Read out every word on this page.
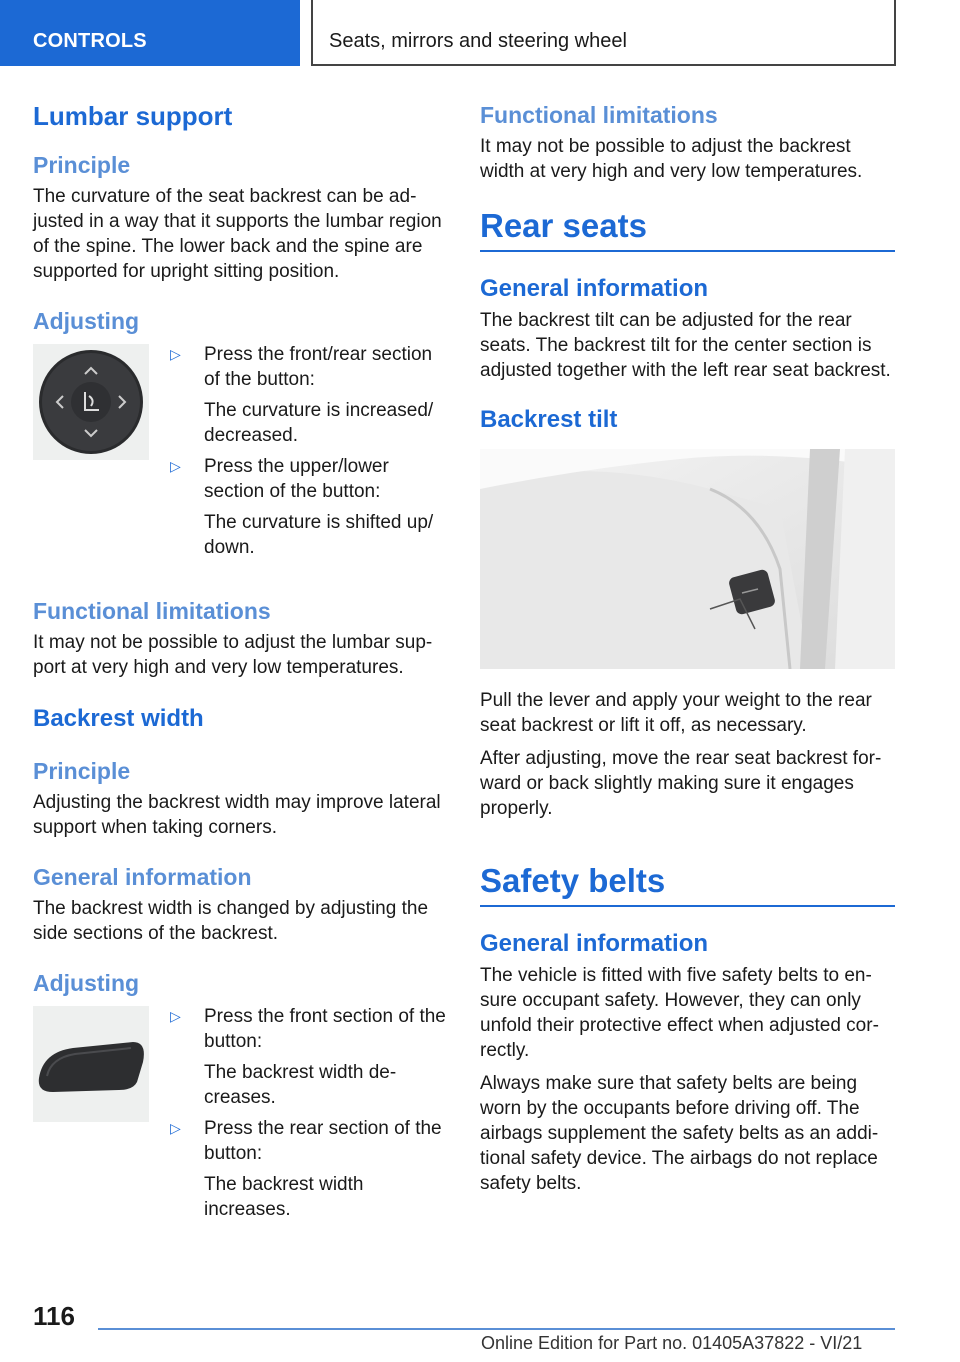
CONTROLS	Seats, mirrors and steering wheel
Lumbar support
Principle

The curvature of the seat backrest can be adjusted in a way that it supports the lumbar region of the spine. The lower back and the spine are supported for upright sitting position.

Adjusting
▷ Press the front/rear section of the button:

The curvature is increased/ decreased.

▷ Press the upper/lower section of the button:

The curvature is shifted up/ down.

Functional limitations

It may not be possible to adjust the lumbar support at very high and very low temperatures.

Backrest width
Principle

Adjusting the backrest width may improve lateral support when taking corners.

General information

The backrest width is changed by adjusting the side sections of the backrest.

Adjusting
▷ Press the front section of the button:

The backrest width decreases.

▷ Press the rear section of the button:

The backrest width increases.

Functional limitations

It may not be possible to adjust the backrest width at very high and very low temperatures.

Rear seats
General information

The backrest tilt can be adjusted for the rear seats. The backrest tilt for the center section is adjusted together with the left rear seat backrest.

Backrest tilt

Pull the lever and apply your weight to the rear seat backrest or lift it off, as necessary.

After adjusting, move the rear seat backrest forward or back slightly making sure it engages properly.

Safety belts
General information

The vehicle is fitted with five safety belts to ensure occupant safety. However, they can only unfold their protective effect when adjusted correctly.

Always make sure that safety belts are being worn by the occupants before driving off. The airbags supplement the safety belts as an additional safety device. The airbags do not replace safety belts.

116
Online Edition for Part no. 01405A37822 - VI/21
